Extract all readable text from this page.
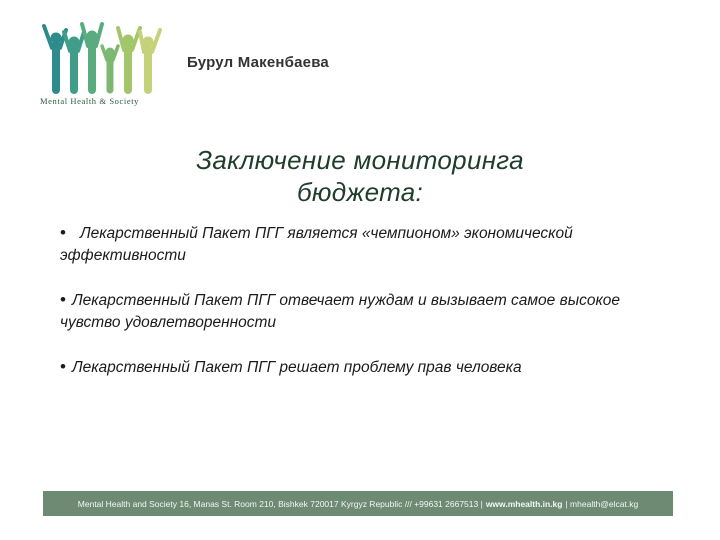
Mental Health & Society
Бурул Макенбаева
Заключение мониторинга
бюджета:
• Лекарственный Пакет ПГГ является «чемпионом» экономической эффективности
• Лекарственный Пакет ПГГ отвечает нуждам и вызывает самое высокое чувство удовлетворенности
• Лекарственный Пакет ПГГ решает проблему прав человека
Mental Health and Society 16, Manas St. Room 210, Bishkek 720017 Kyrgyz Republic /// +99631 2667513 | www.mhealth.in.kg | mhealth@elcat.kg
